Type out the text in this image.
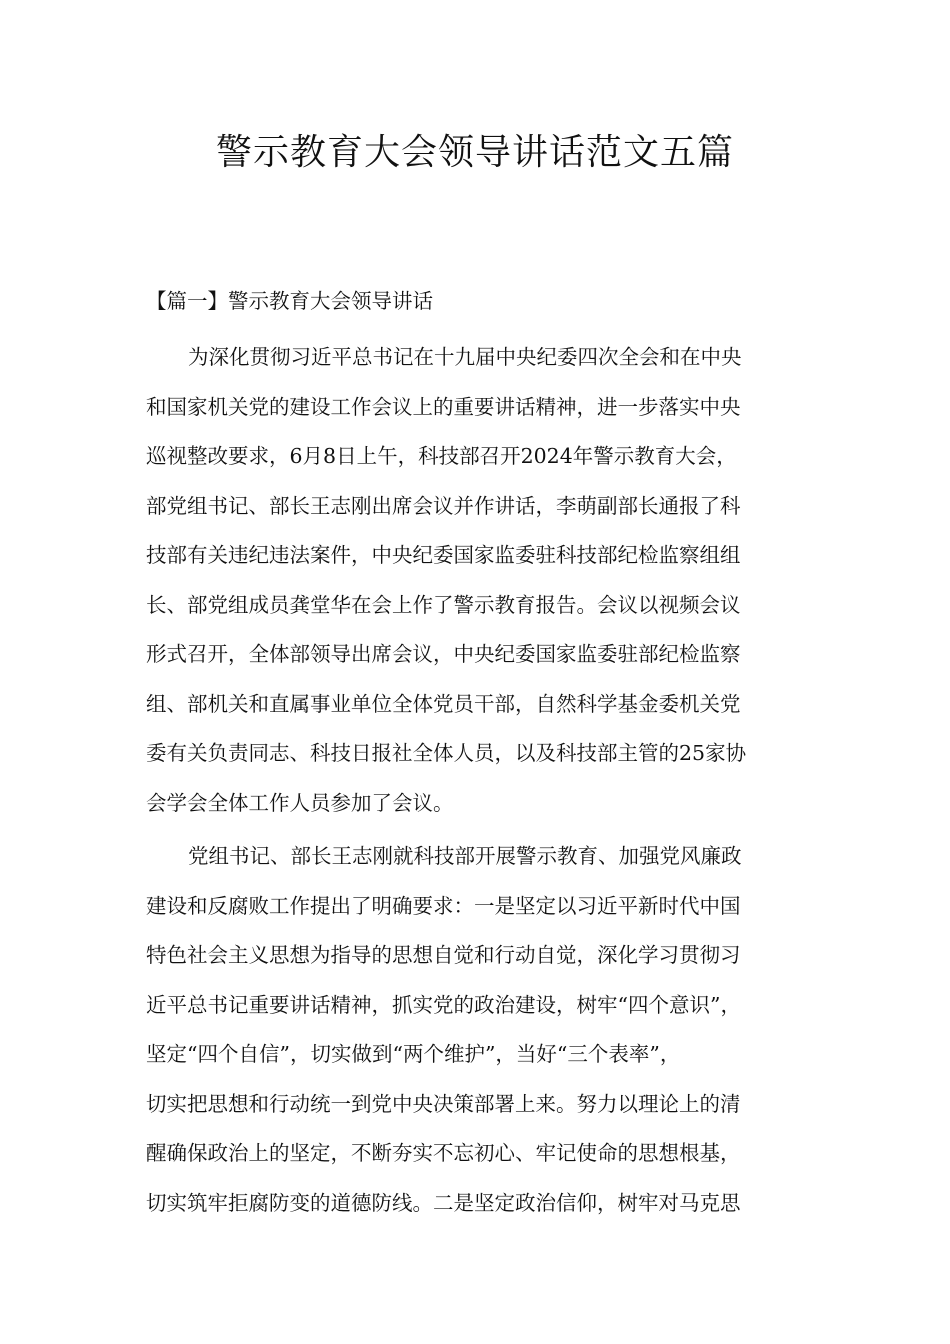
警示教育大会领导讲话范文五篇
【篇一】警示教育大会领导讲话
为深化贯彻习近平总书记在十九届中央纪委四次全会和在中央
和国家机关党的建设工作会议上的重要讲话精神，进一步落实中央
巡视整改要求，6月8日上午，科技部召开2024年警示教育大会，
部党组书记、部长王志刚出席会议并作讲话，李萌副部长通报了科
技部有关违纪违法案件，中央纪委国家监委驻科技部纪检监察组组
长、部党组成员龚堂华在会上作了警示教育报告。会议以视频会议
形式召开，全体部领导出席会议，中央纪委国家监委驻部纪检监察
组、部机关和直属事业单位全体党员干部，自然科学基金委机关党
委有关负责同志、科技日报社全体人员，以及科技部主管的25家协
会学会全体工作人员参加了会议。
党组书记、部长王志刚就科技部开展警示教育、加强党风廉政
建设和反腐败工作提出了明确要求：一是坚定以习近平新时代中国
特色社会主义思想为指导的思想自觉和行动自觉，深化学习贯彻习
近平总书记重要讲话精神，抓实党的政治建设，树牢“四个意识”，
坚定“四个自信”，切实做到“两个维护”，当好“三个表率”，
切实把思想和行动统一到党中央决策部署上来。努力以理论上的清
醒确保政治上的坚定，不断夯实不忘初心、牢记使命的思想根基，
切实筑牢拒腐防变的道德防线。二是坚定政治信仰，树牢对马克思
